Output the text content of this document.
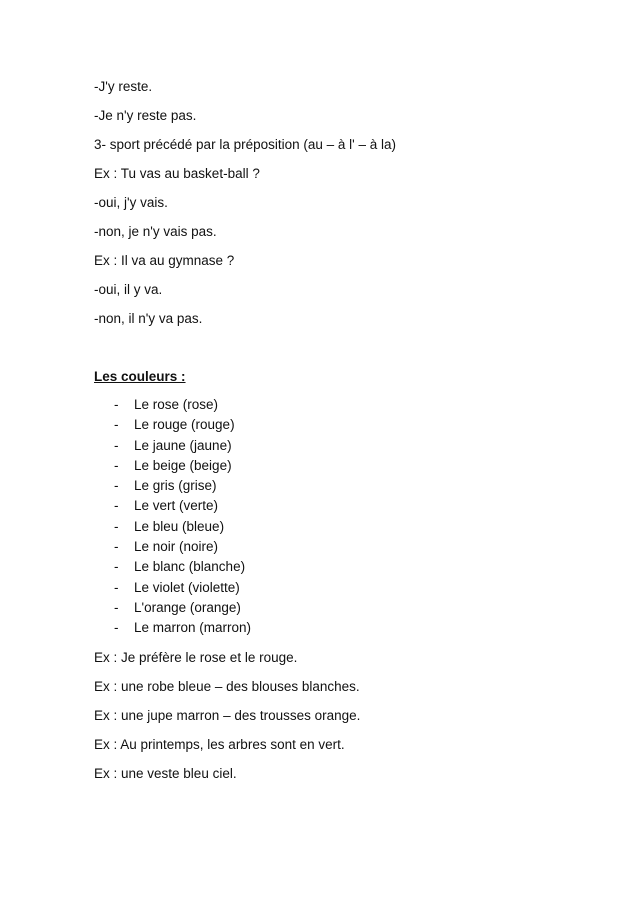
-J'y reste.

-Je n'y reste pas.

3- sport précédé par la préposition (au – à l' – à la)

Ex : Tu vas au basket-ball ?

-oui, j'y vais.

-non, je n'y vais pas.

Ex : Il va au gymnase ?

-oui, il y va.

-non, il n'y va pas.

Les couleurs :

- Le rose (rose)
- Le rouge (rouge)
- Le jaune (jaune)
- Le beige (beige)
- Le gris (grise)
- Le vert (verte)
- Le bleu (bleue)
- Le noir (noire)
- Le blanc (blanche)
- Le violet (violette)
- L'orange (orange)
- Le marron (marron)

Ex : Je préfère le rose et le rouge.

Ex : une robe bleue – des blouses blanches.

Ex : une jupe marron – des trousses orange.

Ex : Au printemps, les arbres sont en vert.

Ex : une veste bleu ciel.
